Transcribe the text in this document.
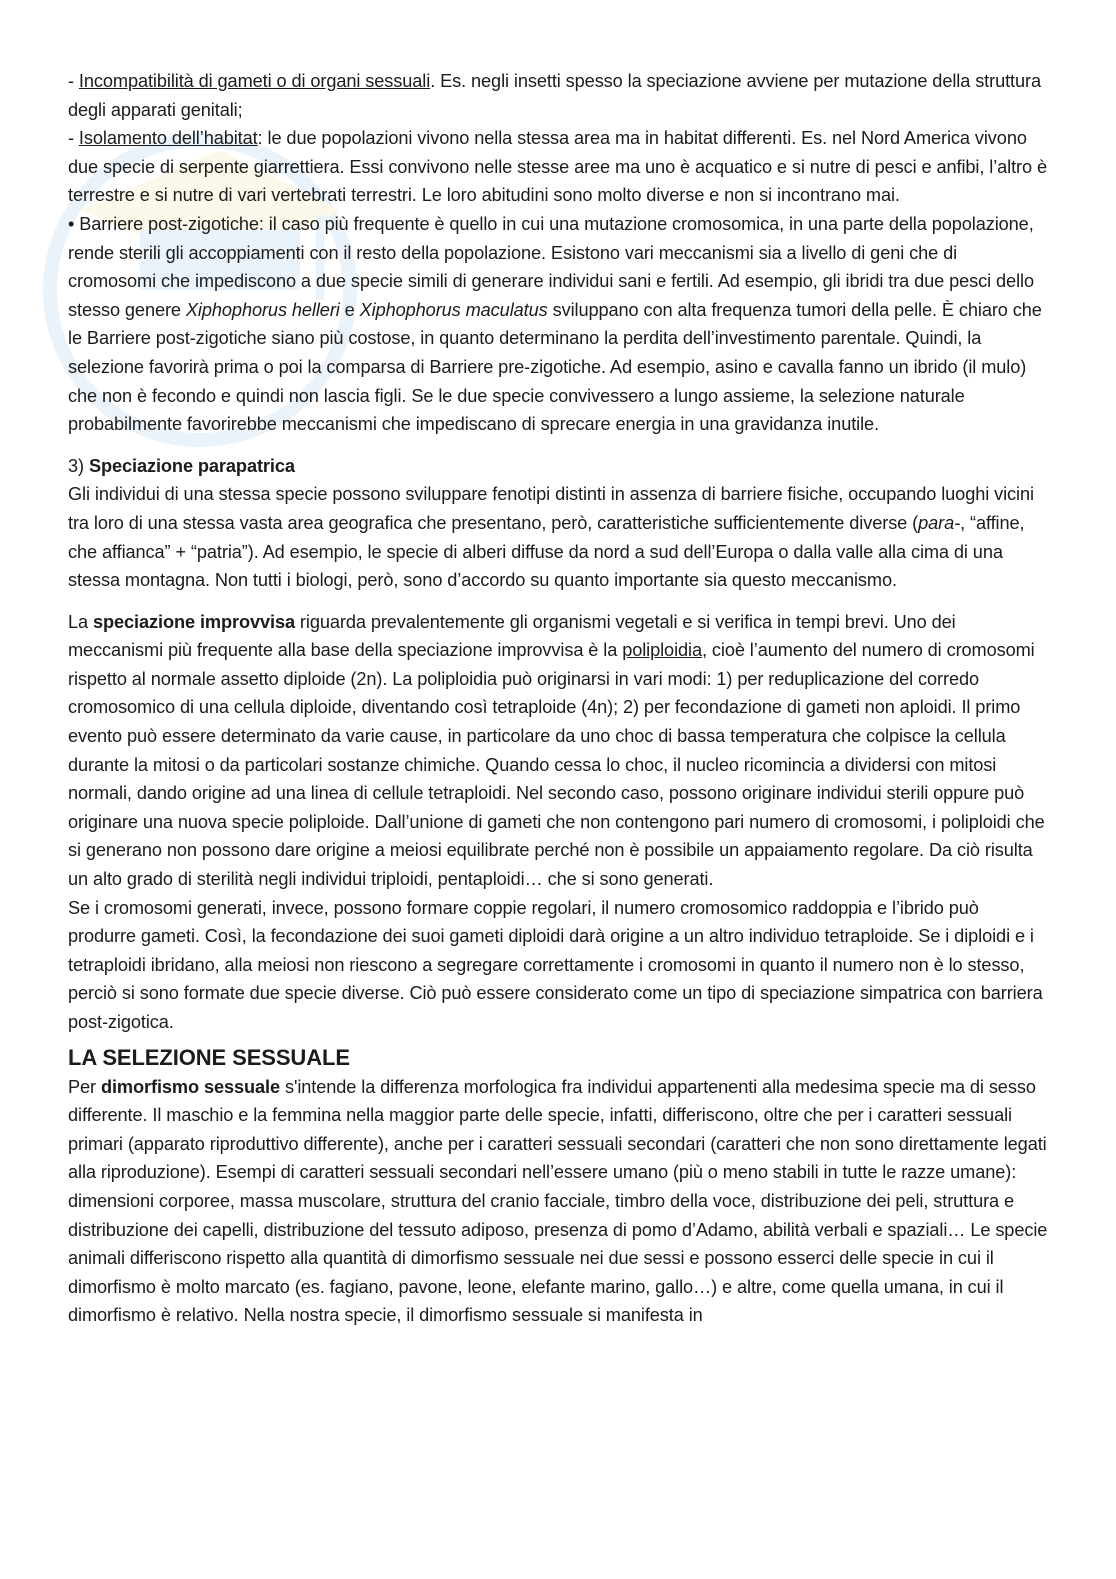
- Incompatibilità di gameti o di organi sessuali. Es. negli insetti spesso la speciazione avviene per mutazione della struttura degli apparati genitali;

- Isolamento dell’habitat: le due popolazioni vivono nella stessa area ma in habitat differenti. Es. nel Nord America vivono due specie di serpente giarrettiera. Essi convivono nelle stesse aree ma uno è acquatico e si nutre di pesci e anfibi, l’altro è terrestre e si nutre di vari vertebrati terrestri. Le loro abitudini sono molto diverse e non si incontrano mai.

• Barriere post-zigotiche: il caso più frequente è quello in cui una mutazione cromosomica, in una parte della popolazione, rende sterili gli accoppiamenti con il resto della popolazione. Esistono vari meccanismi sia a livello di geni che di cromosomi che impediscono a due specie simili di generare individui sani e fertili. Ad esempio, gli ibridi tra due pesci dello stesso genere Xiphophorus helleri e Xiphophorus maculatus sviluppano con alta frequenza tumori della pelle. È chiaro che le Barriere post-zigotiche siano più costose, in quanto determinano la perdita dell’investimento parentale. Quindi, la selezione favorirà prima o poi la comparsa di Barriere pre-zigotiche. Ad esempio, asino e cavalla fanno un ibrido (il mulo) che non è fecondo e quindi non lascia figli. Se le due specie convivessero a lungo assieme, la selezione naturale probabilmente favorirebbe meccanismi che impediscano di sprecare energia in una gravidanza inutile.

3) Speciazione parapatrica

Gli individui di una stessa specie possono sviluppare fenotipi distinti in assenza di barriere fisiche, occupando luoghi vicini tra loro di una stessa vasta area geografica che presentano, però, caratteristiche sufficientemente diverse (para-, “affine, che affianca” + “patria”). Ad esempio, le specie di alberi diffuse da nord a sud dell’Europa o dalla valle alla cima di una stessa montagna. Non tutti i biologi, però, sono d’accordo su quanto importante sia questo meccanismo.

La speciazione improvvisa riguarda prevalentemente gli organismi vegetali e si verifica in tempi brevi. Uno dei meccanismi più frequente alla base della speciazione improvvisa è la poliploidia, cioè l’aumento del numero di cromosomi rispetto al normale assetto diploide (2n). La poliploidia può originarsi in vari modi: 1) per reduplicazione del corredo cromosomico di una cellula diploide, diventando così tetraploide (4n); 2) per fecondazione di gameti non aploidi. Il primo evento può essere determinato da varie cause, in particolare da uno choc di bassa temperatura che colpisce la cellula durante la mitosi o da particolari sostanze chimiche. Quando cessa lo choc, il nucleo ricomincia a dividersi con mitosi normali, dando origine ad una linea di cellule tetraploidi. Nel secondo caso, possono originare individui sterili oppure può originare una nuova specie poliploide. Dall’unione di gameti che non contengono pari numero di cromosomi, i poliploidi che si generano non possono dare origine a meiosi equilibrate perché non è possibile un appaiamento regolare. Da ciò risulta un alto grado di sterilità negli individui triploidi, pentaploidi… che si sono generati.

Se i cromosomi generati, invece, possono formare coppie regolari, il numero cromosomico raddoppia e l’ibrido può produrre gameti. Così, la fecondazione dei suoi gameti diploidi darà origine a un altro individuo tetraploide. Se i diploidi e i tetraploidi ibridano, alla meiosi non riescono a segregare correttamente i cromosomi in quanto il numero non è lo stesso, perciò si sono formate due specie diverse. Ciò può essere considerato come un tipo di speciazione simpatrica con barriera post-zigotica.

LA SELEZIONE SESSUALE

Per dimorfismo sessuale s'intende la differenza morfologica fra individui appartenenti alla medesima specie ma di sesso differente. Il maschio e la femmina nella maggior parte delle specie, infatti, differiscono, oltre che per i caratteri sessuali primari (apparato riproduttivo differente), anche per i caratteri sessuali secondari (caratteri che non sono direttamente legati alla riproduzione). Esempi di caratteri sessuali secondari nell’essere umano (più o meno stabili in tutte le razze umane): dimensioni corporee, massa muscolare, struttura del cranio facciale, timbro della voce, distribuzione dei peli, struttura e distribuzione dei capelli, distribuzione del tessuto adiposo, presenza di pomo d’Adamo, abilità verbali e spaziali… Le specie animali differiscono rispetto alla quantità di dimorfismo sessuale nei due sessi e possono esserci delle specie in cui il dimorfismo è molto marcato (es. fagiano, pavone, leone, elefante marino, gallo…) e altre, come quella umana, in cui il dimorfismo è relativo. Nella nostra specie, il dimorfismo sessuale si manifesta in
